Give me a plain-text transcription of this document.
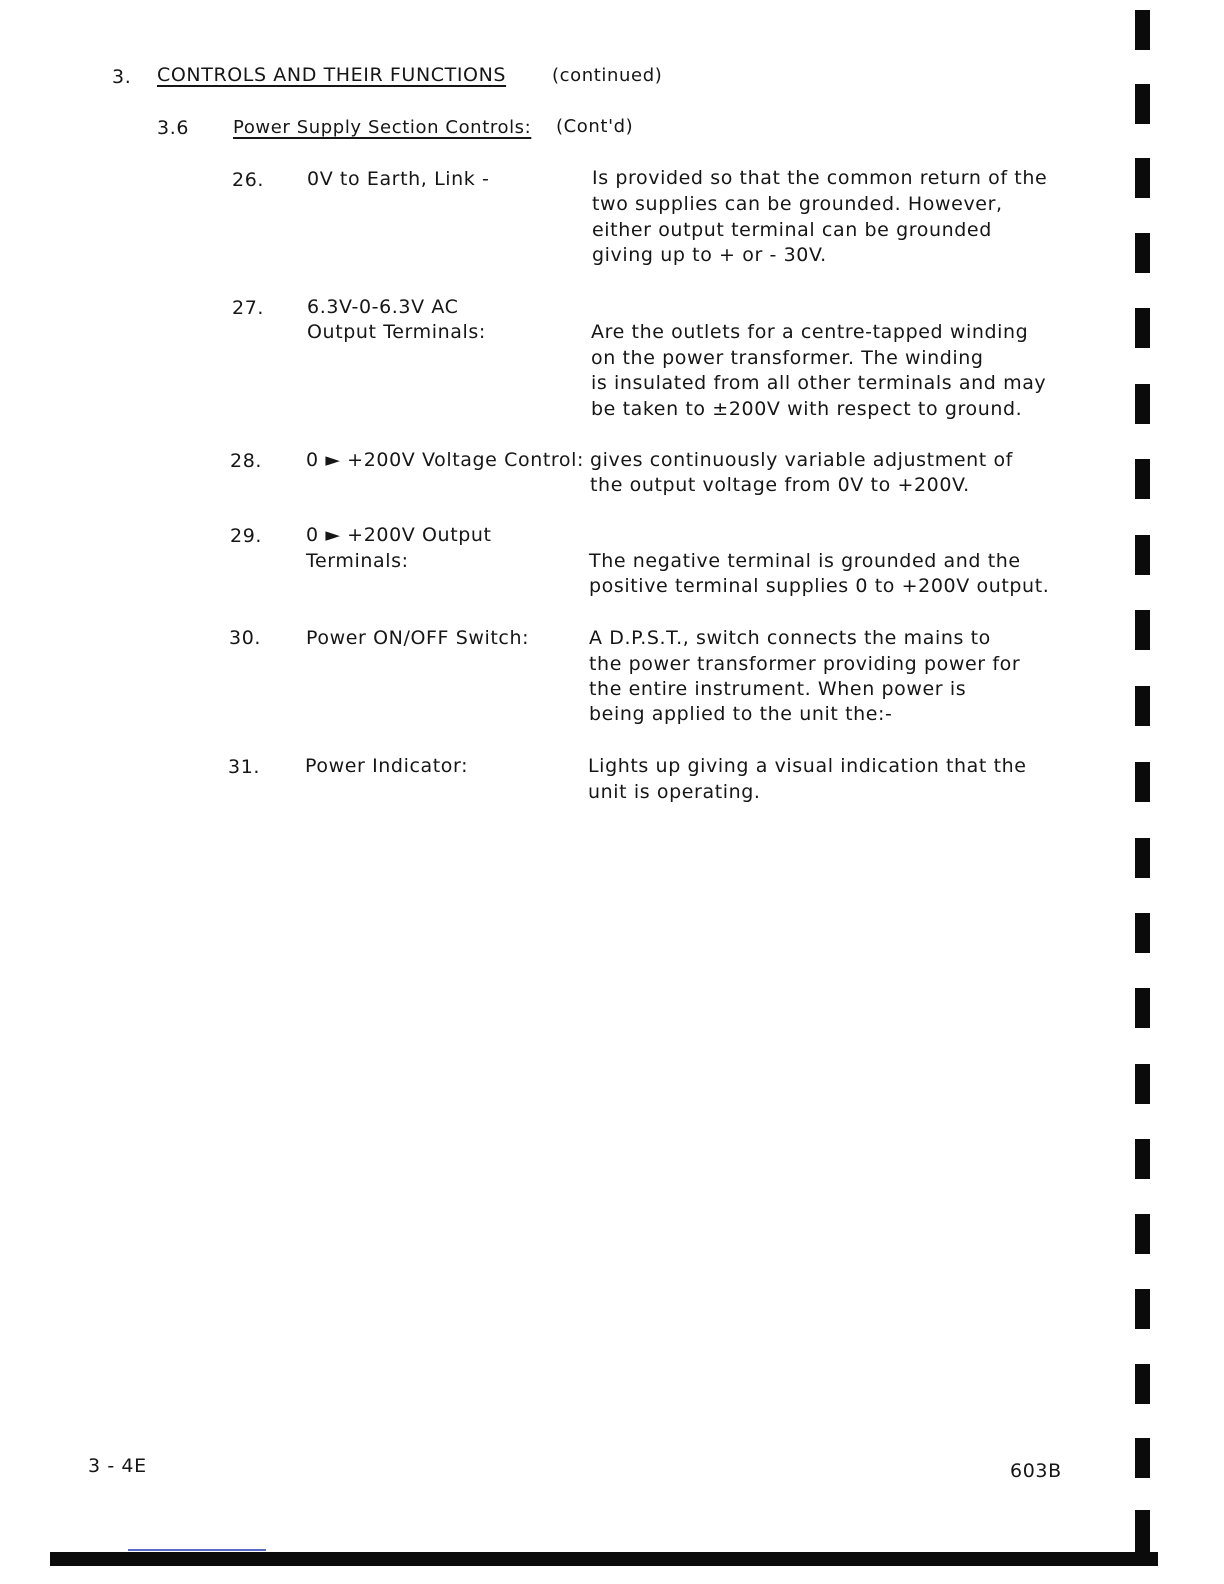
3. CONTROLS AND THEIR FUNCTIONS	(continued)
3.6 Power Supply Section Controls: (Cont'd)
26. 0V to Earth, Link -	Is provided so that the common return of the
two supplies can be grounded. However,
either output terminal can be grounded
giving up to + or - 30V.
27. 6.3V-0-6.3V AC
Output Terminals:	Are the outlets for a centre-tapped winding
on the power transformer. The winding
is insulated from all other terminals and may
be taken to ±200V with respect to ground.
28. 0 ► +200V Voltage Control: gives continuously variable adjustment of
the output voltage from 0V to +200V.
29. 0 ► +200V Output
Terminals:	The negative terminal is grounded and the
positive terminal supplies 0 to +200V output.
30. Power ON/OFF Switch:	A D.P.S.T., switch connects the mains to
the power transformer providing power for
the entire instrument. When power is
being applied to the unit the:-
31. Power Indicator:	Lights up giving a visual indication that the
unit is operating.
3 - 4E	603B
